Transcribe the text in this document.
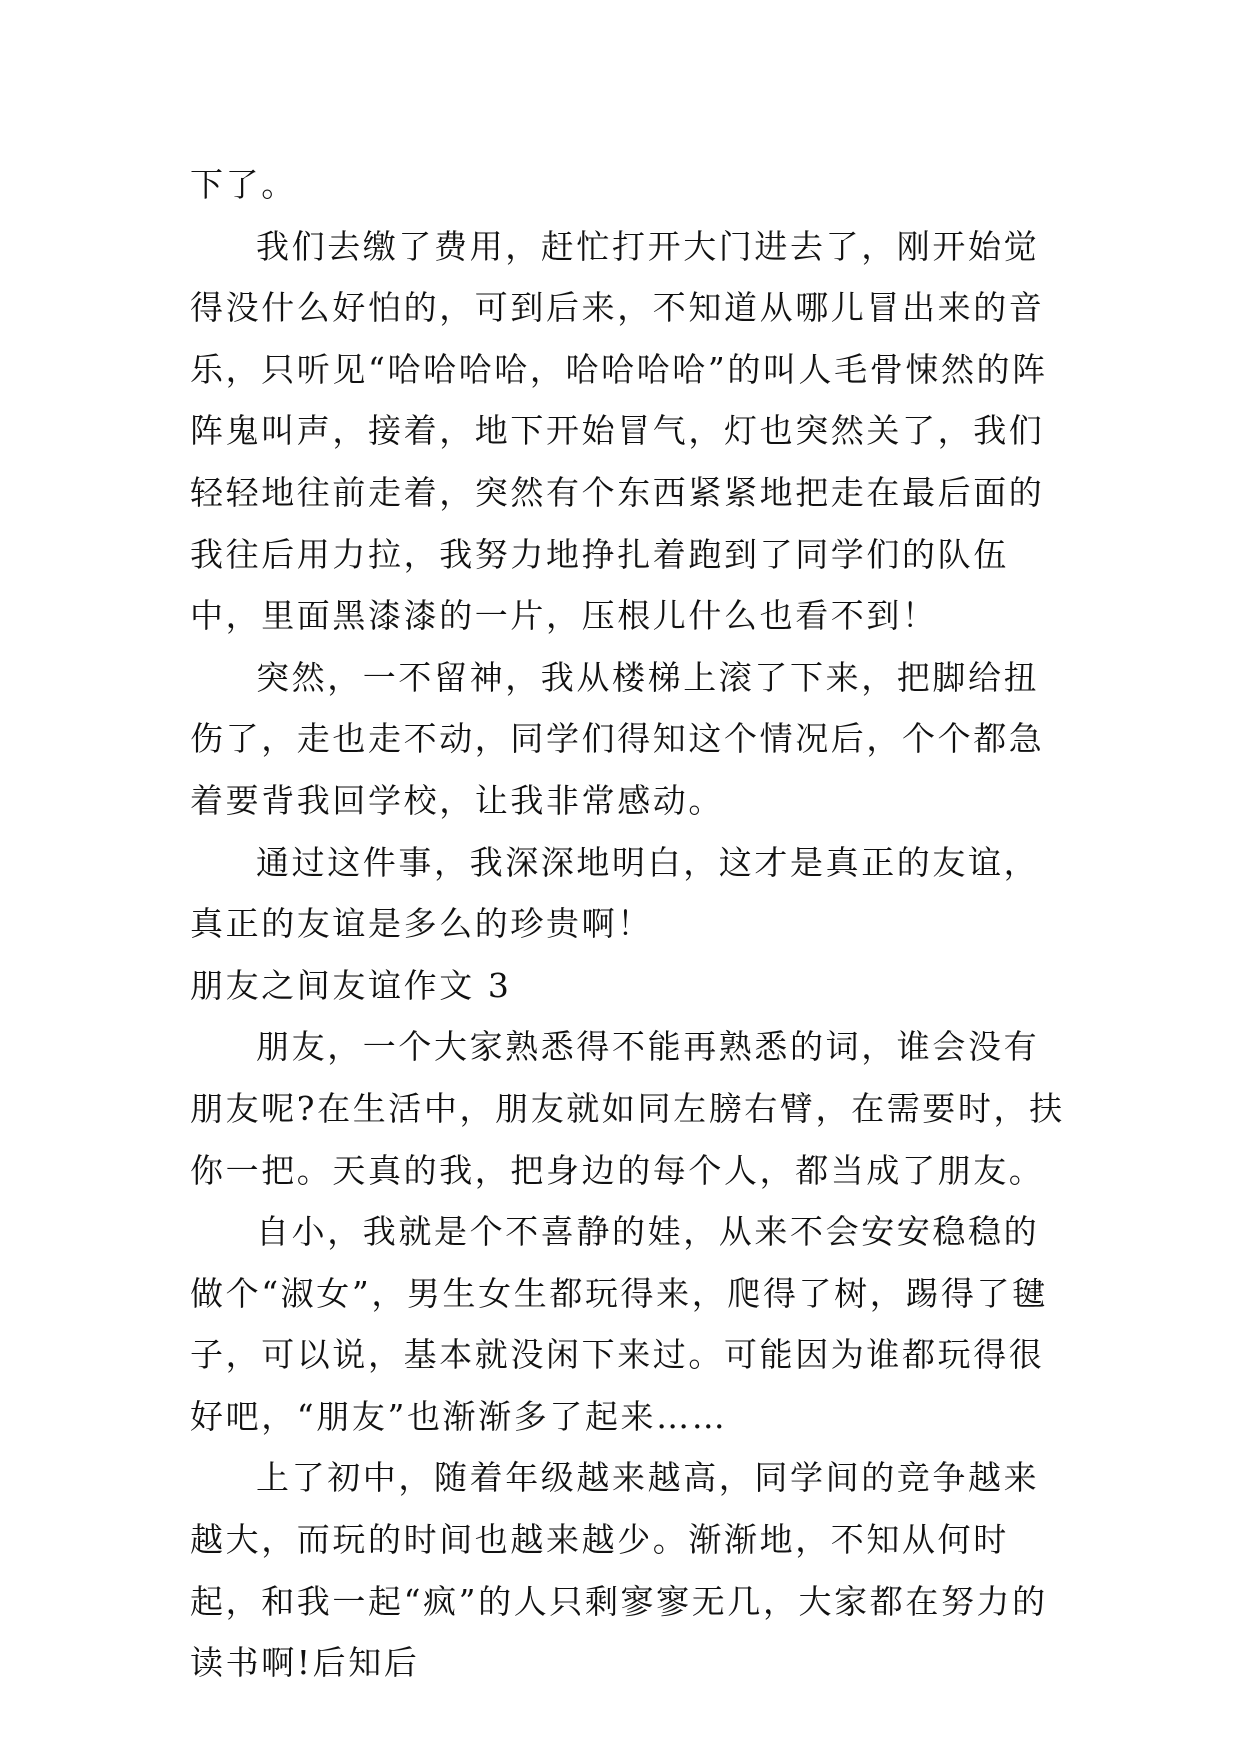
下了。

我们去缴了费用，赶忙打开大门进去了，刚开始觉得没什么好怕的，可到后来，不知道从哪儿冒出来的音乐，只听见“哈哈哈哈，哈哈哈哈”的叫人毛骨悚然的阵阵鬼叫声，接着，地下开始冒气，灯也突然关了，我们轻轻地往前走着，突然有个东西紧紧地把走在最后面的我往后用力拉，我努力地挣扎着跑到了同学们的队伍中，里面黑漆漆的一片，压根儿什么也看不到！

突然，一不留神，我从楼梯上滚了下来，把脚给扭伤了，走也走不动，同学们得知这个情况后，个个都急着要背我回学校，让我非常感动。

通过这件事，我深深地明白，这才是真正的友谊，真正的友谊是多么的珍贵啊！

朋友之间友谊作文 3

朋友，一个大家熟悉得不能再熟悉的词，谁会没有朋友呢?在生活中，朋友就如同左膀右臂，在需要时，扶你一把。天真的我，把身边的每个人，都当成了朋友。

自小，我就是个不喜静的娃，从来不会安安稳稳的做个“淑女”，男生女生都玩得来，爬得了树，踢得了毽子，可以说，基本就没闲下来过。可能因为谁都玩得很好吧，“朋友”也渐渐多了起来……

上了初中，随着年级越来越高，同学间的竞争越来越大，而玩的时间也越来越少。渐渐地，不知从何时起，和我一起“疯”的人只剩寥寥无几，大家都在努力的读书啊!后知后
